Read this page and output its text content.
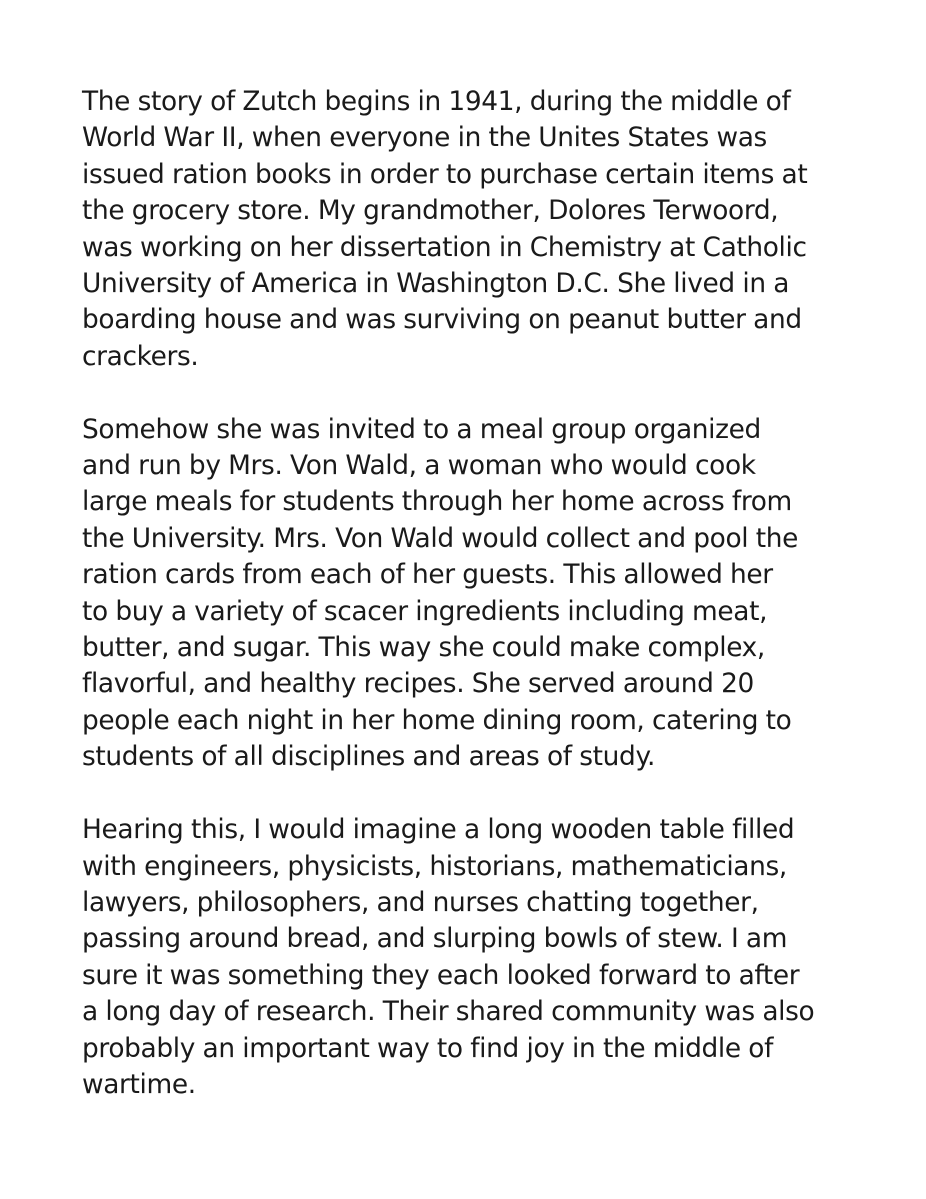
The story of Zutch begins in 1941, during the middle of
World War II, when everyone in the Unites States was
issued ration books in order to purchase certain items at
the grocery store. My grandmother, Dolores Terwoord,
was working on her dissertation in Chemistry at Catholic
University of America in Washington D.C. She lived in a
boarding house and was surviving on peanut butter and
crackers.

Somehow she was invited to a meal group organized
and run by Mrs. Von Wald, a woman who would cook
large meals for students through her home across from
the University. Mrs. Von Wald would collect and pool the
ration cards from each of her guests. This allowed her
to buy a variety of scacer ingredients including meat,
butter, and sugar. This way she could make complex,
flavorful, and healthy recipes. She served around 20
people each night in her home dining room, catering to
students of all disciplines and areas of study.

Hearing this, I would imagine a long wooden table filled
with engineers, physicists, historians, mathematicians,
lawyers, philosophers, and nurses chatting together,
passing around bread, and slurping bowls of stew. I am
sure it was something they each looked forward to after
a long day of research. Their shared community was also
probably an important way to find joy in the middle of
wartime.
